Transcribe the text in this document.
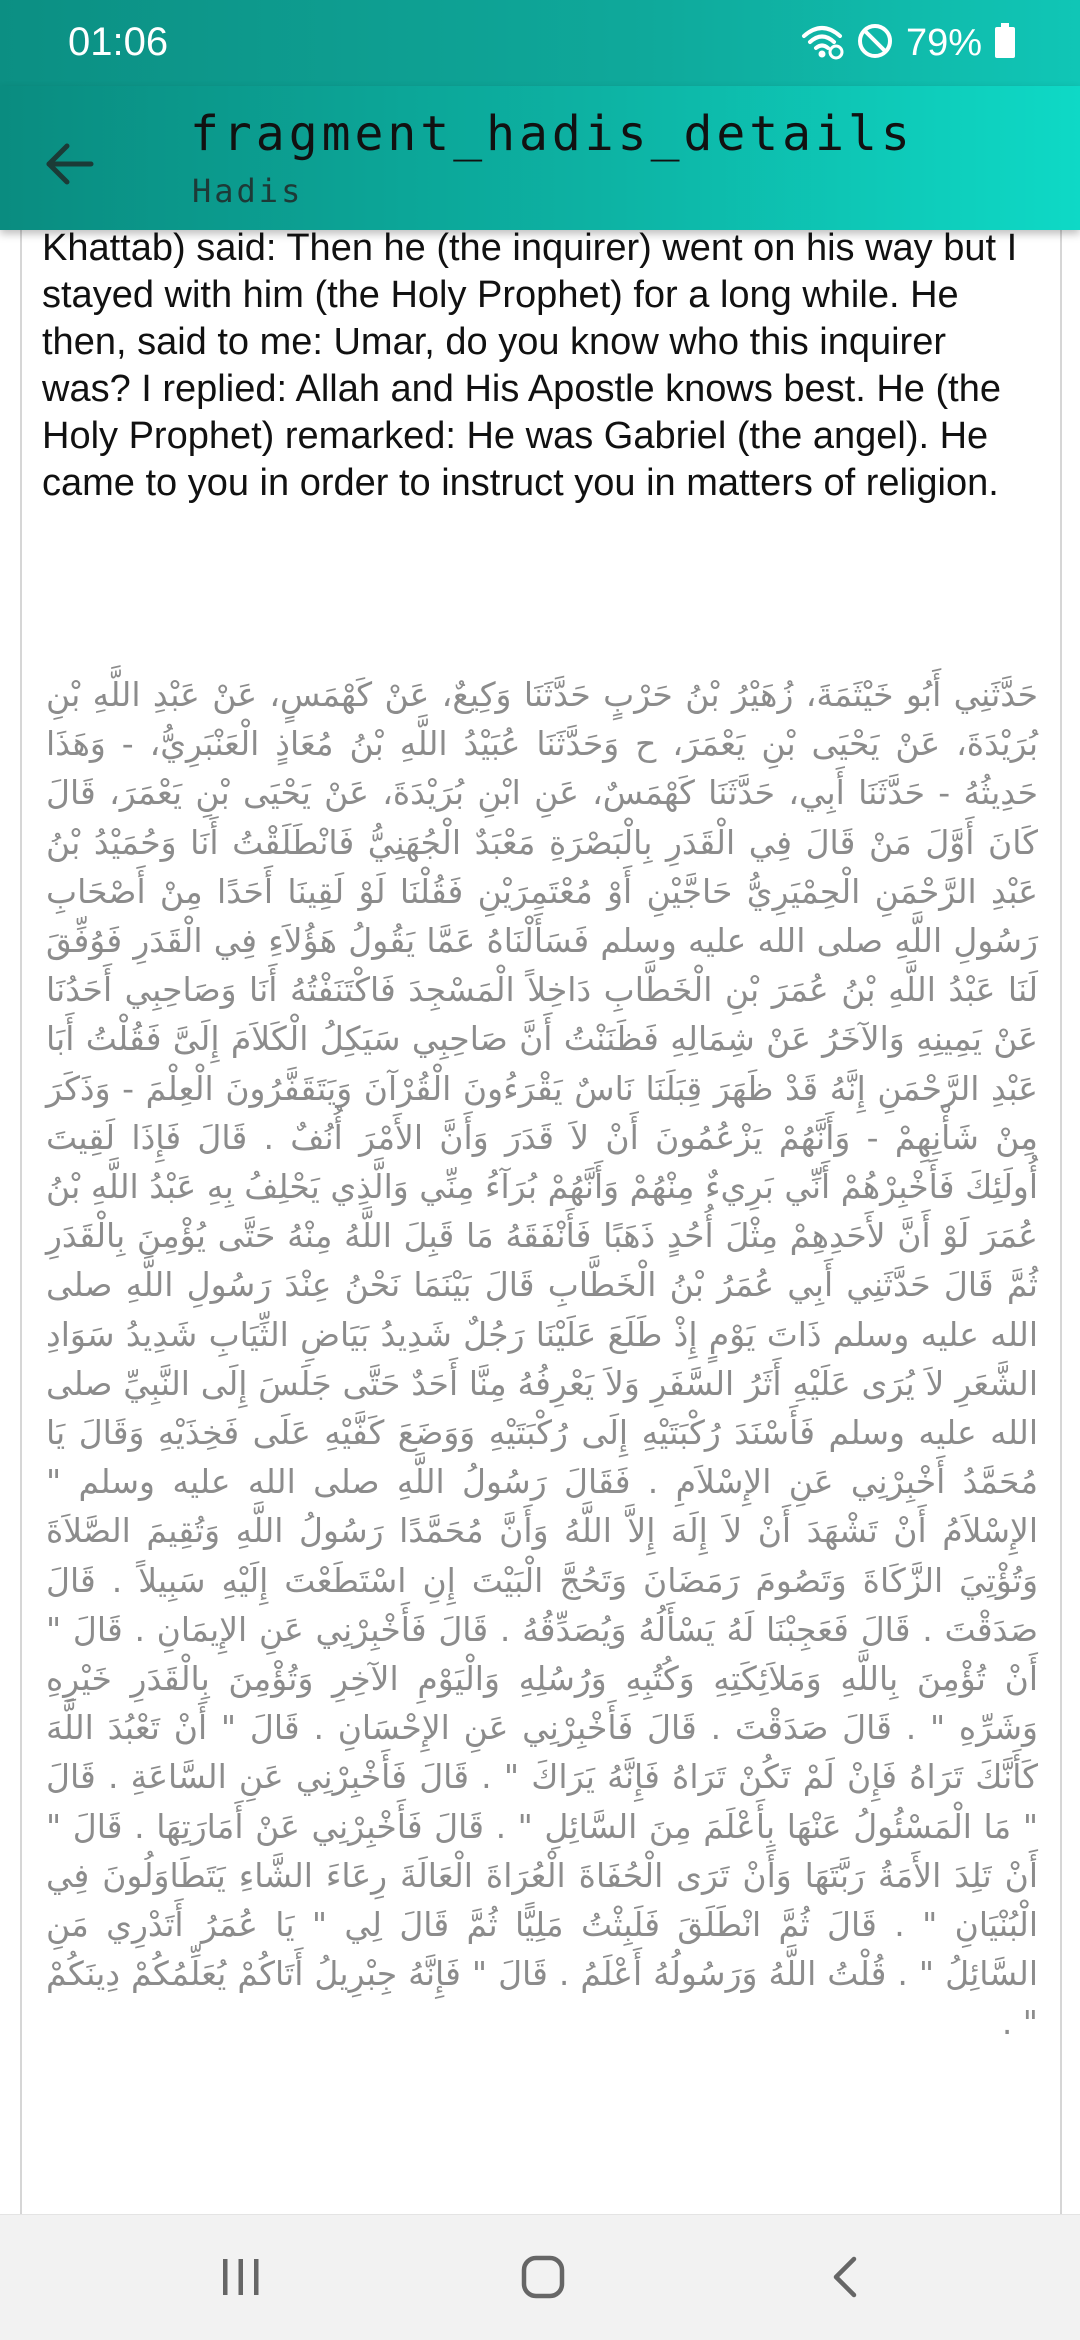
01:06	79%
fragment_hadis_details
Hadis

Khattab) said: Then he (the inquirer) went on his way but I stayed with him (the Holy Prophet) for a long while. He then, said to me: Umar, do you know who this inquirer was? I replied: Allah and His Apostle knows best. He (the Holy Prophet) remarked: He was Gabriel (the angel). He came to you in order to instruct you in matters of religion.

حَدَّثَنِي أَبُو خَيْثَمَةَ، زُهَيْرُ بْنُ حَرْبٍ حَدَّثَنَا وَكِيعٌ، عَنْ كَهْمَسٍ، عَنْ عَبْدِ اللَّهِ بْنِ بُرَيْدَةَ، عَنْ يَحْيَى بْنِ يَعْمَرَ، ح وَحَدَّثَنَا عُبَيْدُ اللَّهِ بْنُ مُعَاذٍ الْعَنْبَرِيُّ، - وَهَذَا حَدِيثُهُ - حَدَّثَنَا أَبِي، حَدَّثَنَا كَهْمَسٌ، عَنِ ابْنِ بُرَيْدَةَ، عَنْ يَحْيَى بْنِ يَعْمَرَ، قَالَ كَانَ أَوَّلَ مَنْ قَالَ فِي الْقَدَرِ بِالْبَصْرَةِ مَعْبَدٌ الْجُهَنِيُّ فَانْطَلَقْتُ أَنَا وَحُمَيْدُ بْنُ عَبْدِ الرَّحْمَنِ الْحِمْيَرِيُّ حَاجَّيْنِ أَوْ مُعْتَمِرَيْنِ فَقُلْنَا لَوْ لَقِينَا أَحَدًا مِنْ أَصْحَابِ رَسُولِ اللَّهِ صلى الله عليه وسلم فَسَأَلْنَاهُ عَمَّا يَقُولُ هَؤُلاَءِ فِي الْقَدَرِ فَوُفِّقَ لَنَا عَبْدُ اللَّهِ بْنُ عُمَرَ بْنِ الْخَطَّابِ دَاخِلاً الْمَسْجِدَ فَاكْتَنَفْتُهُ أَنَا وَصَاحِبِي أَحَدُنَا عَنْ يَمِينِهِ وَالآخَرُ عَنْ شِمَالِهِ فَظَنَنْتُ أَنَّ صَاحِبِي سَيَكِلُ الْكَلاَمَ إِلَىَّ فَقُلْتُ أَبَا عَبْدِ الرَّحْمَنِ إِنَّهُ قَدْ ظَهَرَ قِبَلَنَا نَاسٌ يَقْرَءُونَ الْقُرْآنَ وَيَتَقَفَّرُونَ الْعِلْمَ - وَذَكَرَ مِنْ شَأْنِهِمْ - وَأَنَّهُمْ يَزْعُمُونَ أَنْ لاَ قَدَرَ وَأَنَّ الأَمْرَ أُنُفٌ . قَالَ فَإِذَا لَقِيتَ أُولَئِكَ فَأَخْبِرْهُمْ أَنِّي بَرِيءٌ مِنْهُمْ وَأَنَّهُمْ بُرَآءُ مِنِّي وَالَّذِي يَحْلِفُ بِهِ عَبْدُ اللَّهِ بْنُ عُمَرَ لَوْ أَنَّ لأَحَدِهِمْ مِثْلَ أُحُدٍ ذَهَبًا فَأَنْفَقَهُ مَا قَبِلَ اللَّهُ مِنْهُ حَتَّى يُؤْمِنَ بِالْقَدَرِ ثُمَّ قَالَ حَدَّثَنِي أَبِي عُمَرُ بْنُ الْخَطَّابِ قَالَ بَيْنَمَا نَحْنُ عِنْدَ رَسُولِ اللَّهِ صلى الله عليه وسلم ذَاتَ يَوْمٍ إِذْ طَلَعَ عَلَيْنَا رَجُلٌ شَدِيدُ بَيَاضِ الثِّيَابِ شَدِيدُ سَوَادِ الشَّعَرِ لاَ يُرَى عَلَيْهِ أَثَرُ السَّفَرِ وَلاَ يَعْرِفُهُ مِنَّا أَحَدٌ حَتَّى جَلَسَ إِلَى النَّبِيِّ صلى الله عليه وسلم فَأَسْنَدَ رُكْبَتَيْهِ إِلَى رُكْبَتَيْهِ وَوَضَعَ كَفَّيْهِ عَلَى فَخِذَيْهِ وَقَالَ يَا مُحَمَّدُ أَخْبِرْنِي عَنِ الإِسْلاَمِ . فَقَالَ رَسُولُ اللَّهِ صلى الله عليه وسلم " الإِسْلاَمُ أَنْ تَشْهَدَ أَنْ لاَ إِلَهَ إِلاَّ اللَّهُ وَأَنَّ مُحَمَّدًا رَسُولُ اللَّهِ وَتُقِيمَ الصَّلاَةَ وَتُؤْتِيَ الزَّكَاةَ وَتَصُومَ رَمَضَانَ وَتَحُجَّ الْبَيْتَ إِنِ اسْتَطَعْتَ إِلَيْهِ سَبِيلاً . قَالَ صَدَقْتَ . قَالَ فَعَجِبْنَا لَهُ يَسْأَلُهُ وَيُصَدِّقُهُ . قَالَ فَأَخْبِرْنِي عَنِ الإِيمَانِ . قَالَ " أَنْ تُؤْمِنَ بِاللَّهِ وَمَلاَئِكَتِهِ وَكُتُبِهِ وَرُسُلِهِ وَالْيَوْمِ الآخِرِ وَتُؤْمِنَ بِالْقَدَرِ خَيْرِهِ وَشَرِّهِ " . قَالَ صَدَقْتَ . قَالَ فَأَخْبِرْنِي عَنِ الإِحْسَانِ . قَالَ " أَنْ تَعْبُدَ اللَّهَ كَأَنَّكَ تَرَاهُ فَإِنْ لَمْ تَكُنْ تَرَاهُ فَإِنَّهُ يَرَاكَ " . قَالَ فَأَخْبِرْنِي عَنِ السَّاعَةِ . قَالَ " مَا الْمَسْئُولُ عَنْهَا بِأَعْلَمَ مِنَ السَّائِلِ " . قَالَ فَأَخْبِرْنِي عَنْ أَمَارَتِهَا . قَالَ " أَنْ تَلِدَ الأَمَةُ رَبَّتَهَا وَأَنْ تَرَى الْحُفَاةَ الْعُرَاةَ الْعَالَةَ رِعَاءَ الشَّاءِ يَتَطَاوَلُونَ فِي الْبُنْيَانِ " . قَالَ ثُمَّ انْطَلَقَ فَلَبِثْتُ مَلِيًّا ثُمَّ قَالَ لِي " يَا عُمَرُ أَتَدْرِي مَنِ السَّائِلُ " . قُلْتُ اللَّهُ وَرَسُولُهُ أَعْلَمُ . قَالَ " فَإِنَّهُ جِبْرِيلُ أَتَاكُمْ يُعَلِّمُكُمْ دِينَكُمْ " .
